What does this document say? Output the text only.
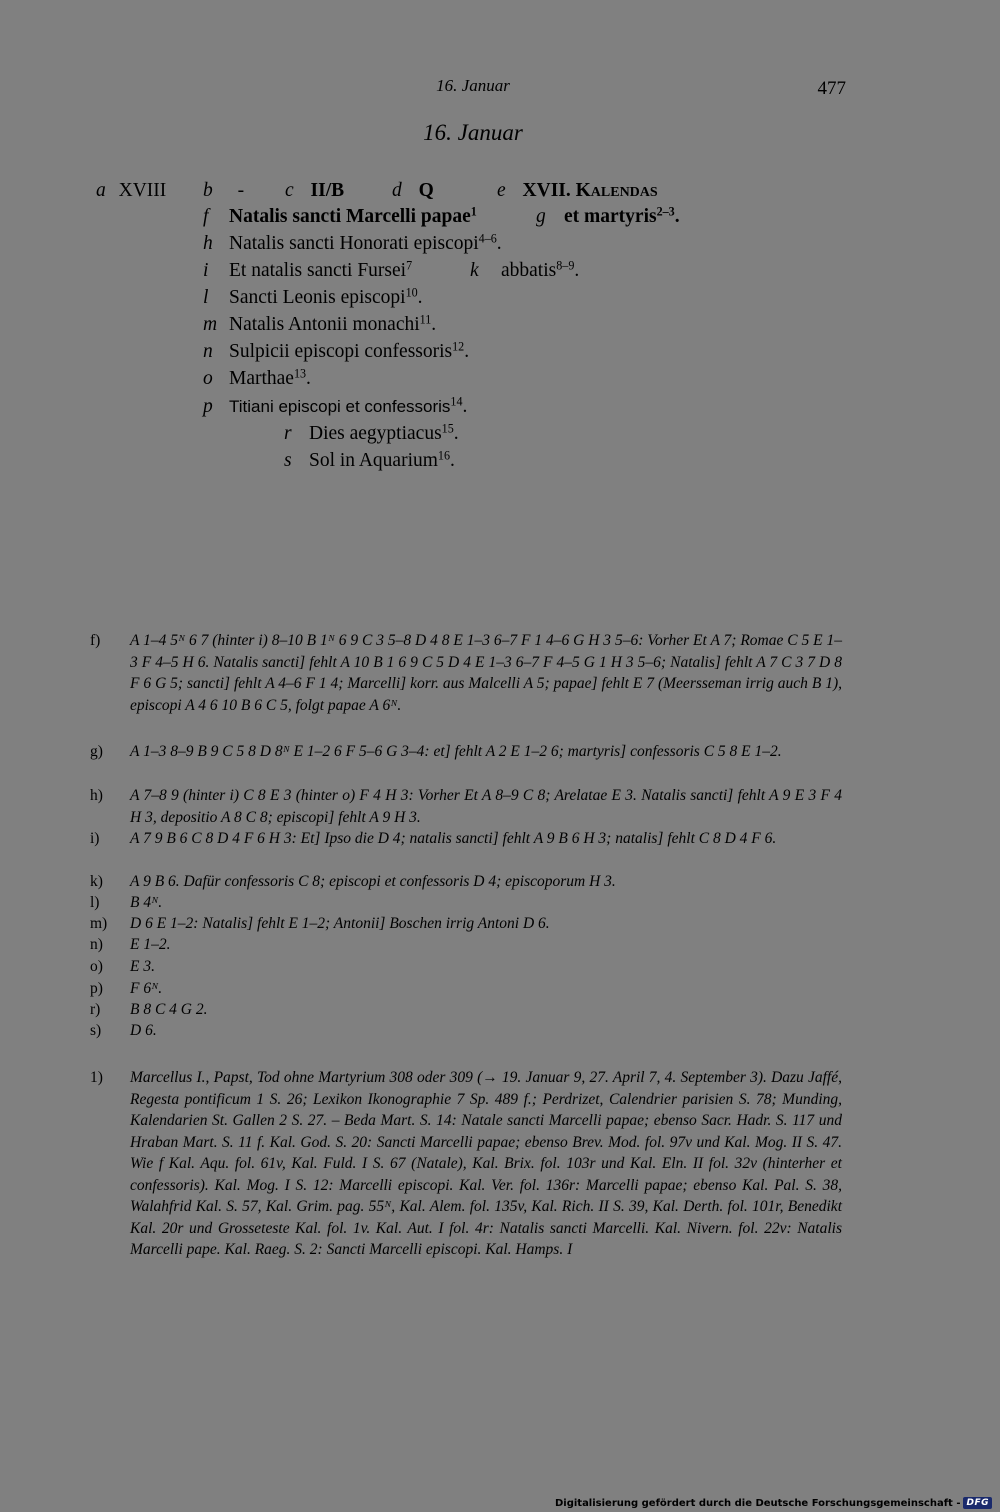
16. Januar	477
16. Januar
a XVIII b - c II/B d Q	e XVII. Kalendas
f Natalis sancti Marcelli papae$^1$	g et martyris$^{2-3}$.
h Natalis sancti Honorati episcopi$^{4-6}$.
i Et natalis sancti Fursei$^7$	k abbatis$^{8-9}$.
l Sancti Leonis episcopi$^{10}$.
m Natalis Antonii monachi$^{11}$.
n Sulpicii episcopi confessoris$^{12}$.
o Marthae$^{13}$.
p Titiani episcopi et confessoris$^{14}$.
r Dies aegyptiacus$^{15}$.
s Sol in Aquarium$^{16}$.
f)	A 1–4 5ᴺ 6 7 (hinter i) 8–10 B 1ᴺ 6 9 C 3 5–8 D 4 8 E 1–3 6–7 F 1 4–6 G H 3 5–6: Vorher Et A 7; Romae C 5 E 1–3 F 4–5 H 6. Natalis sancti] fehlt A 10 B 1 6 9 C 5 D 4 E 1–3 6–7 F 4–5 G 1 H 3 5–6; Natalis] fehlt A 7 C 3 7 D 8 F 6 G 5; sancti] fehlt A 4–6 F 1 4; Marcelli] korr. aus Malcelli A 5; papae] fehlt E 7 (Meersseman irrig auch B 1), episcopi A 4 6 10 B 6 C 5, folgt papae A 6ᴺ.
g)	A 1–3 8–9 B 9 C 5 8 D 8ᴺ E 1–2 6 F 5–6 G 3–4: et] fehlt A 2 E 1–2 6; martyris] confessoris C 5 8 E 1–2.
h)	A 7–8 9 (hinter i) C 8 E 3 (hinter o) F 4 H 3: Vorher Et A 8–9 C 8; Arelatae E 3. Natalis sancti] fehlt A 9 E 3 F 4 H 3, depositio A 8 C 8; episcopi] fehlt A 9 H 3.
i)	A 7 9 B 6 C 8 D 4 F 6 H 3: Et] Ipso die D 4; natalis sancti] fehlt A 9 B 6 H 3; natalis] fehlt C 8 D 4 F 6.
k)	A 9 B 6. Dafür confessoris C 8; episcopi et confessoris D 4; episcoporum H 3.
l)	B 4ᴺ.
m)	D 6 E 1–2: Natalis] fehlt E 1–2; Antonii] Boschen irrig Antoni D 6.
n)	E 1–2.
o)	E 3.
p)	F 6ᴺ.
r)	B 8 C 4 G 2.
s)	D 6.
1)	Marcellus I., Papst, Tod ohne Martyrium 308 oder 309 (→ 19. Januar 9, 27. April 7, 4. September 3). Dazu Jaffé, Regesta pontificum 1 S. 26; Lexikon Ikonographie 7 Sp. 489 f.; Perdrizet, Calendrier parisien S. 78; Munding, Kalendarien St. Gallen 2 S. 27. – Beda Mart. S. 14: Natale sancti Marcelli papae; ebenso Sacr. Hadr. S. 117 und Hraban Mart. S. 11 f. Kal. God. S. 20: Sancti Marcelli papae; ebenso Brev. Mod. fol. 97v und Kal. Mog. II S. 47. Wie f Kal. Aqu. fol. 61v, Kal. Fuld. I S. 67 (Natale), Kal. Brix. fol. 103r und Kal. Eln. II fol. 32v (hinterher et confessoris). Kal. Mog. I S. 12: Marcelli episcopi. Kal. Ver. fol. 136r: Marcelli papae; ebenso Kal. Pal. S. 38, Walahfrid Kal. S. 57, Kal. Grim. pag. 55ᴺ, Kal. Alem. fol. 135v, Kal. Rich. II S. 39, Kal. Derth. fol. 101r, Benedikt Kal. 20r und Grosseteste Kal. fol. 1v. Kal. Aut. I fol. 4r: Natalis sancti Marcelli. Kal. Nivern. fol. 22v: Natalis Marcelli pape. Kal. Raeg. S. 2: Sancti Marcelli episcopi. Kal. Hamps. I
Digitalisierung gefördert durch die Deutsche Forschungsgemeinschaft - DFG
